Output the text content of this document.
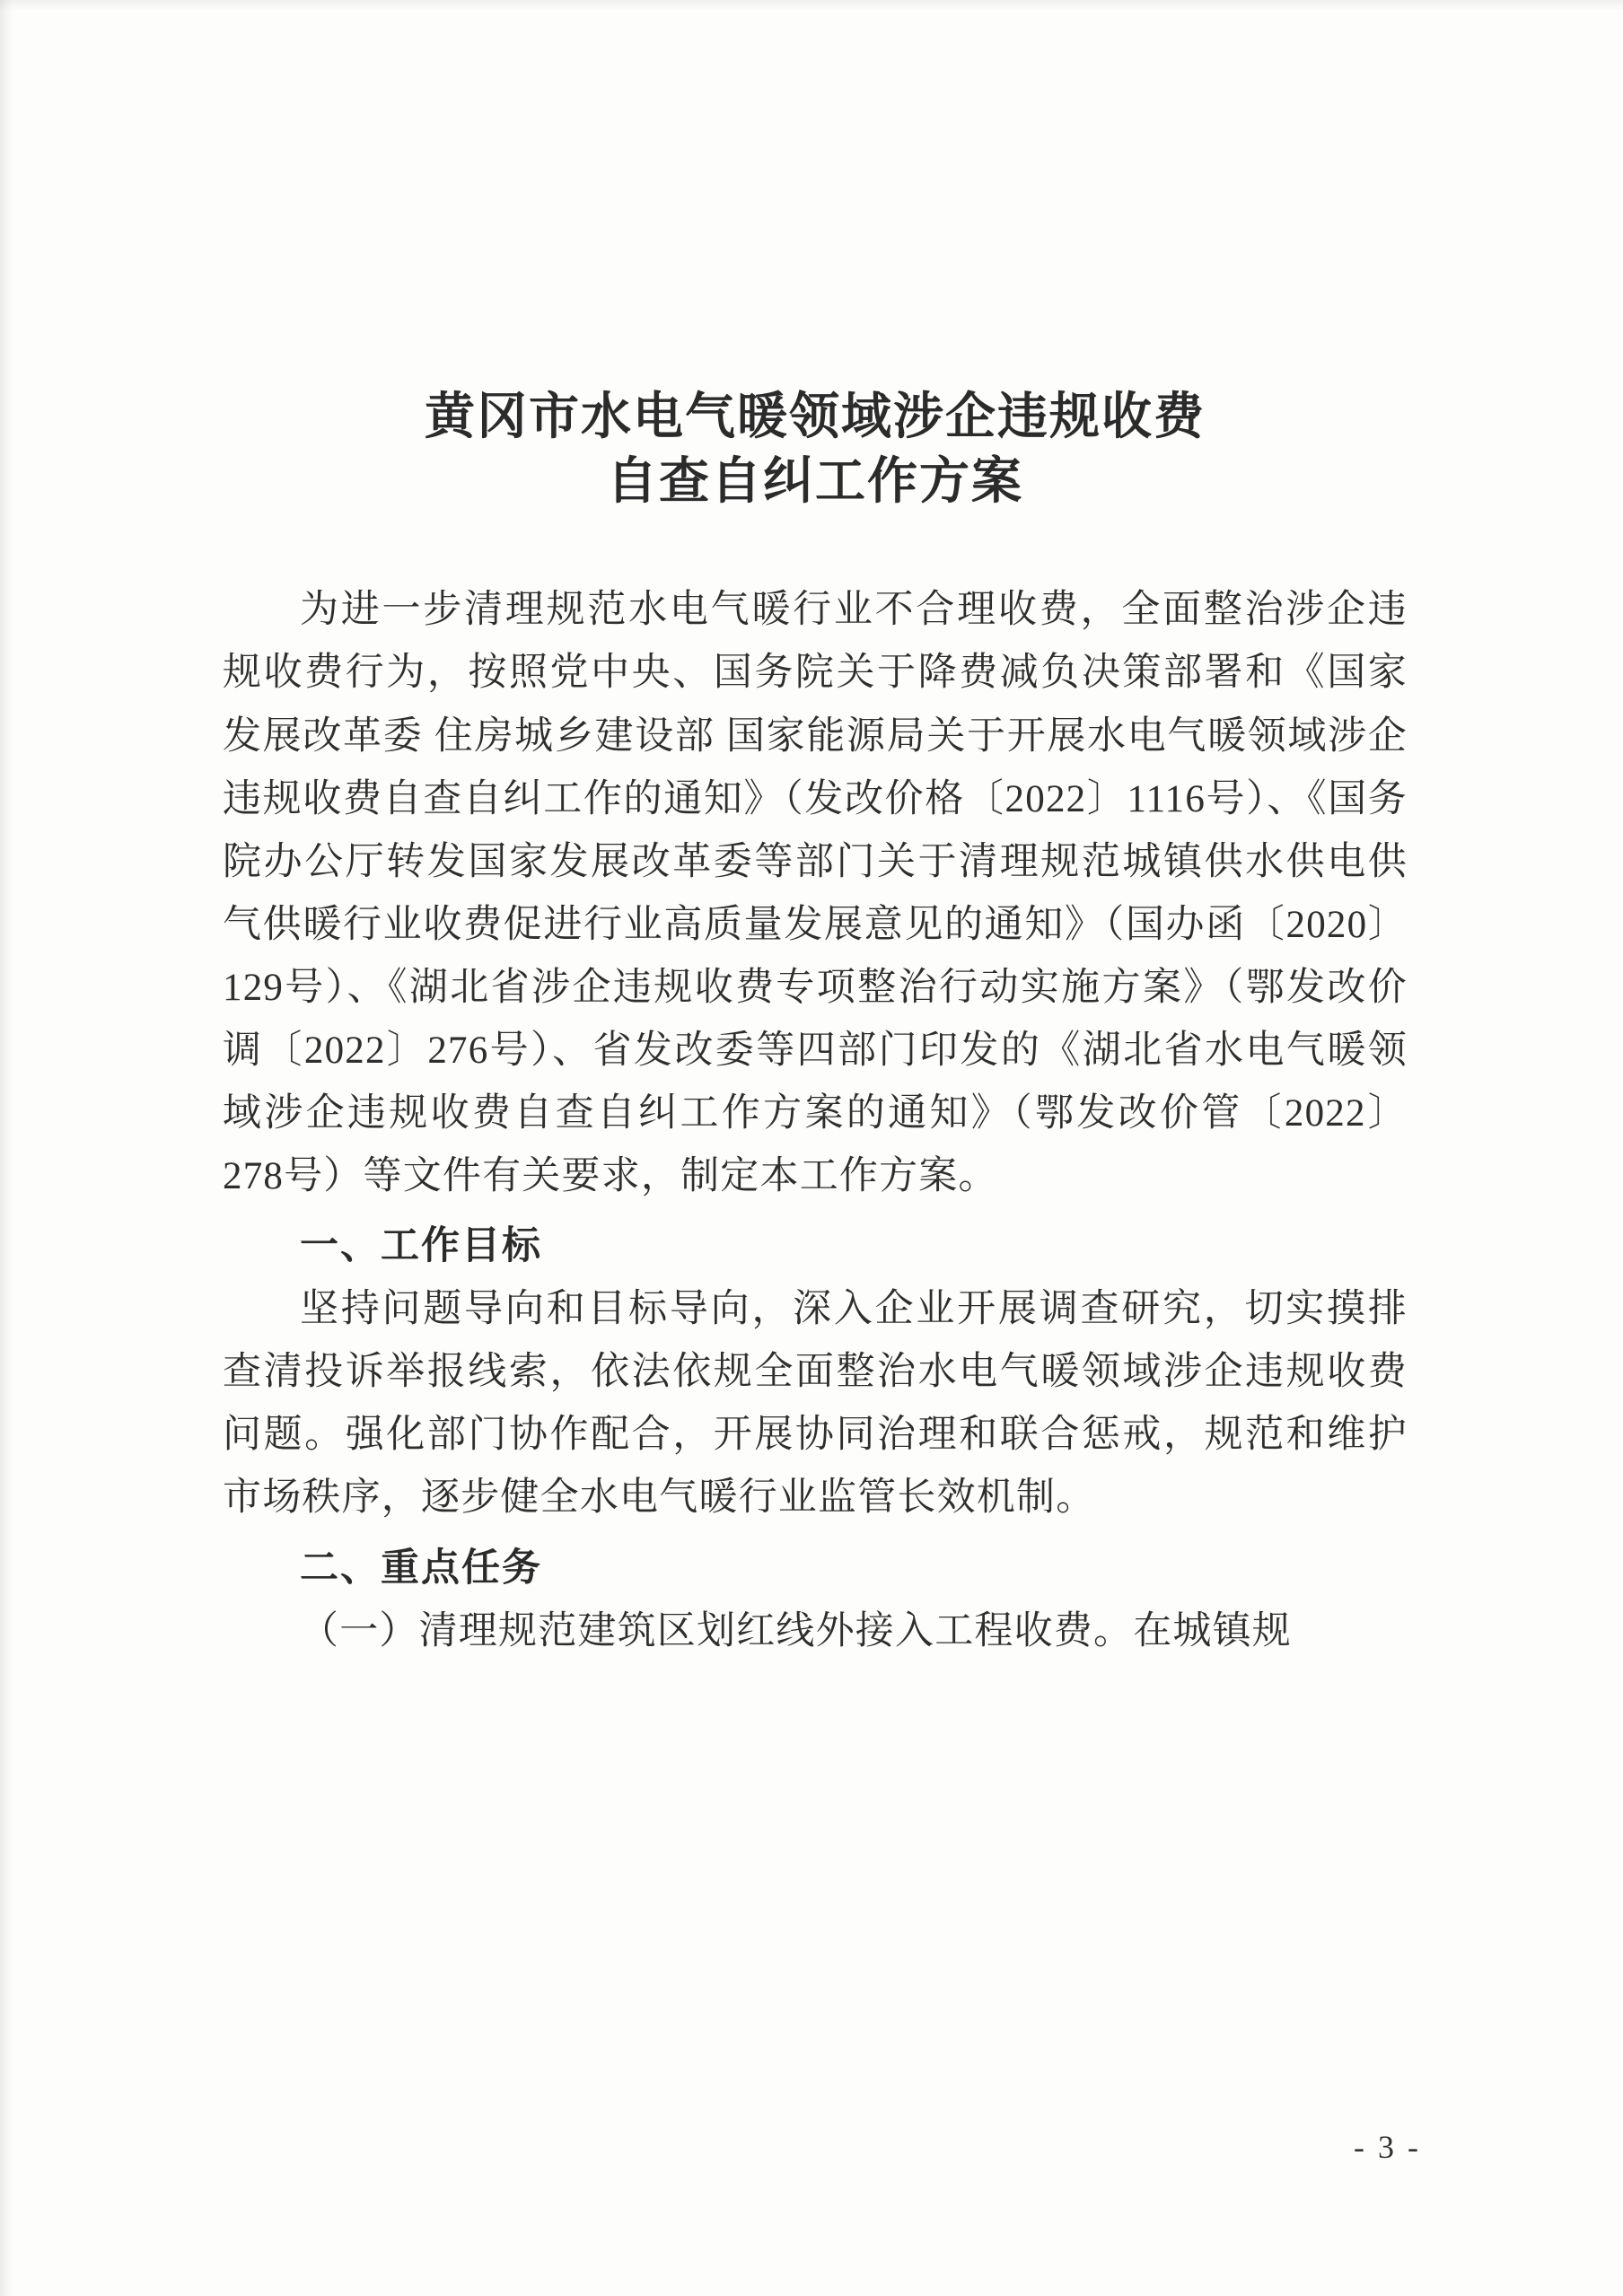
黄冈市水电气暖领域涉企违规收费
自查自纠工作方案

为进一步清理规范水电气暖行业不合理收费，全面整治涉企违规收费行为，按照党中央、国务院关于降费减负决策部署和《国家发展改革委 住房城乡建设部 国家能源局关于开展水电气暖领域涉企违规收费自查自纠工作的通知》（发改价格〔2022〕1116号）、《国务院办公厅转发国家发展改革委等部门关于清理规范城镇供水供电供气供暖行业收费促进行业高质量发展意见的通知》（国办函〔2020〕129号）、《湖北省涉企违规收费专项整治行动实施方案》（鄂发改价调〔2022〕276号）、省发改委等四部门印发的《湖北省水电气暖领域涉企违规收费自查自纠工作方案的通知》（鄂发改价管〔2022〕278号）等文件有关要求，制定本工作方案。

一、工作目标

坚持问题导向和目标导向，深入企业开展调查研究，切实摸排查清投诉举报线索，依法依规全面整治水电气暖领域涉企违规收费问题。强化部门协作配合，开展协同治理和联合惩戒，规范和维护市场秩序，逐步健全水电气暖行业监管长效机制。

二、重点任务

（一）清理规范建筑区划红线外接入工程收费。在城镇规

- 3 -
